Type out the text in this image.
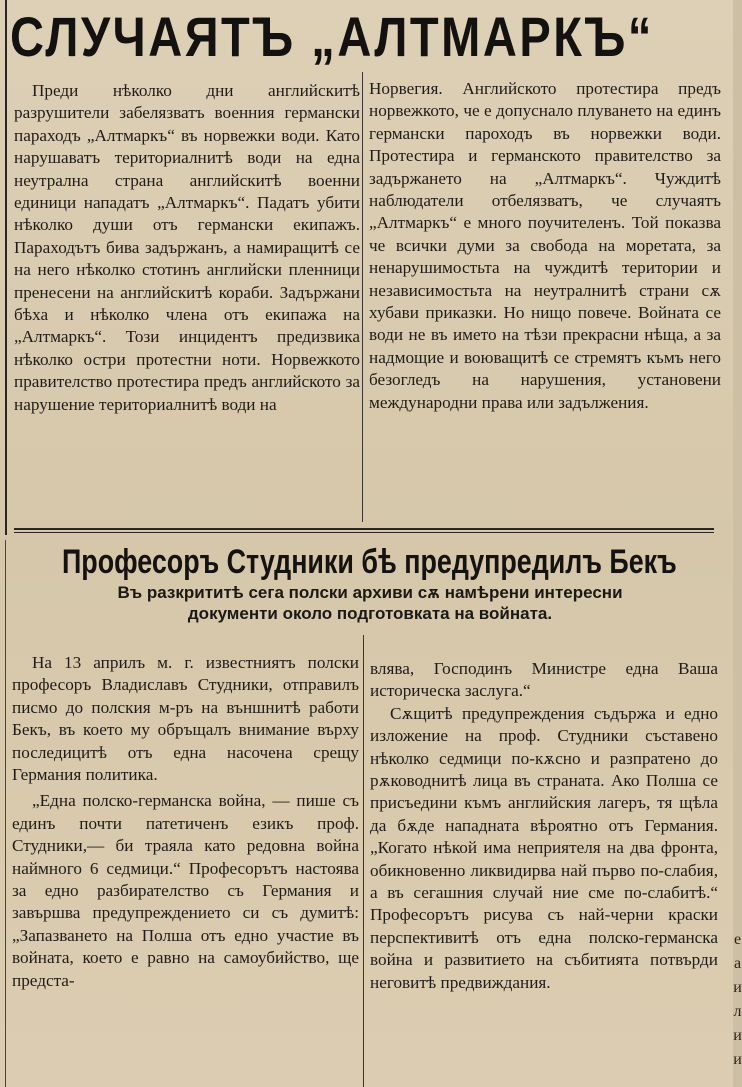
СЛУЧАЯТЪ „АЛТМАРКЪ“

Преди нѣколко дни английскитѣ разрушители забелязватъ военния германски параходъ „Алтмаркъ“ въ норвежки води. Като нарушаватъ териториалнитѣ води на една неутрална страна английскитѣ военни единици нападатъ „Алтмаркъ“. Падатъ убити нѣколко души отъ германски екипажъ. Параходътъ бива задържанъ, а намиращитѣ се на него нѣколко стотинъ английски пленници пренесени на английскитѣ кораби. Задържани бѣха и нѣколко члена отъ екипажа на „Алтмаркъ“. Този инцидентъ предизвика нѣколко остри протестни ноти. Норвежкото правителство протестира предъ английското за нарушение териториалнитѣ води на

Норвегия. Английското протестира предъ норвежкото, че е допуснало плуването на единъ германски пароходъ въ норвежки води. Протестира и германското правителство за задържането на „Алтмаркъ“. Чуждитѣ наблюдатели отбелязватъ, че случаятъ „Алтмаркъ“ е много поучителенъ. Той показва че всички думи за свобода на моретата, за ненарушимостьта на чуждитѣ територии и независимостьта на неутралнитѣ страни сѫ хубави приказки. Но нищо повече. Войната се води не въ името на тѣзи прекрасни нѣща, а за надмощие и воюващитѣ се стремятъ къмъ него безогледъ на нарушения, установени международни права или задължения.

Професоръ Студники бѣ предупредилъ Бекъ
Въ разкрититѣ сега полски архиви сѫ намѣрени интересни
документи около подготовката на войната.

На 13 априлъ м. г. известниятъ полски професоръ Владиславъ Студники, отправилъ писмо до полския м-ръ на външнитѣ работи Бекъ, въ което му обръщалъ внимание върху последицитѣ отъ една насочена срещу Германия политика.

„Една полско-германска война, — пише съ единъ почти патетиченъ езикъ проф. Студники,— би траяла като редовна война наймного 6 седмици.“ Професорътъ настоява за едно разбирателство съ Германия и завършва предупреждението си съ думитѣ: „Запазването на Полша отъ едно участие въ войната, което е равно на самоубийство, ще предста-

влява, Господинъ Министре една Ваша историческа заслуга.“

Сѫщитѣ предупреждения съдържа и едно изложение на проф. Студники съставено нѣколко седмици по-кѫсно и разпратено до рѫководнитѣ лица въ страната. Ако Полша се присъедини къмъ английския лагеръ, тя щѣла да бѫде нападната вѣроятно отъ Германия. „Когато нѣкой има неприятеля на два фронта, обикновенно ликвидирва най първо по-слабия, а въ сегашния случай ние сме по-слабитѣ.“ Професорътъ рисува съ най-черни краски перспективитѣ отъ една полско-германска война и развитието на събитията потвърди неговитѣ предвиждания.

е
а
и
л
и
и
